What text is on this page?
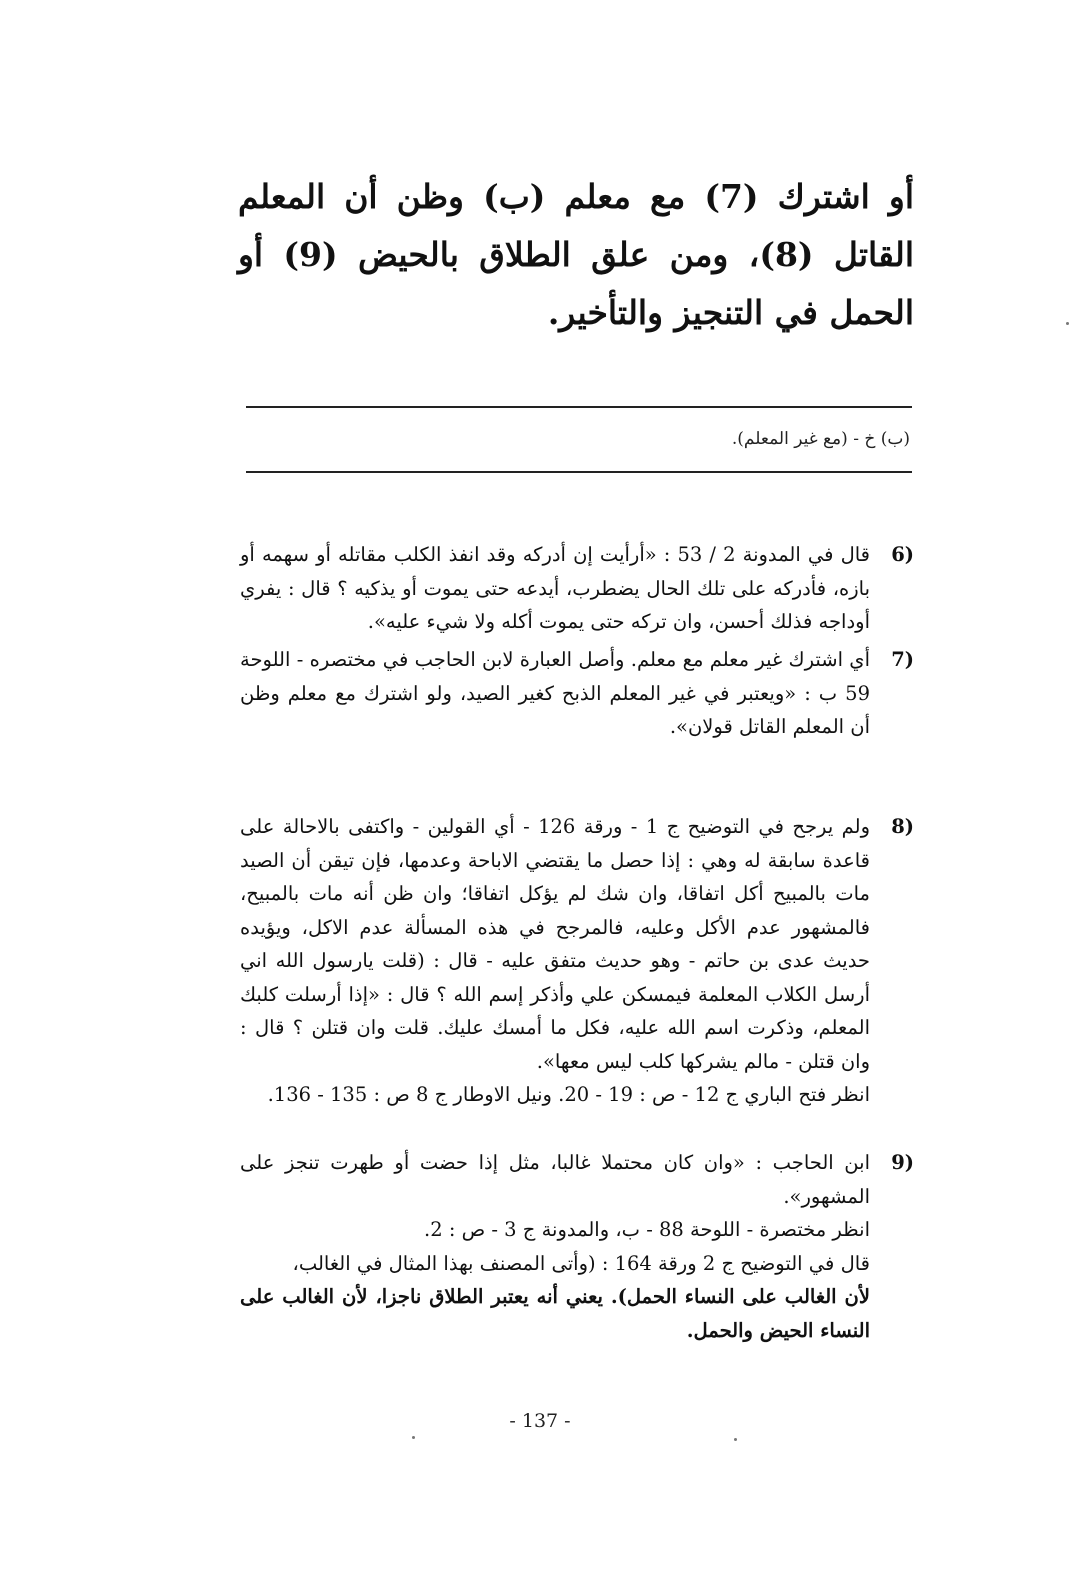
أو اشترك (7) مع معلم (ب) وظن أن المعلم القاتل (8)، ومن علق الطلاق بالحيض (9) أو الحمل في التنجيز والتأخير.
(ب) خ - (مع غير المعلم).
(6

قال في المدونة 2 / 53 : «أرأيت إن أدركه وقد انفذ الكلب مقاتله أو سهمه أو بازه، فأدركه على تلك الحال يضطرب، أيدعه حتى يموت أو يذكيه ؟ قال : يفري أوداجه فذلك أحسن، وان تركه حتى يموت أكله ولا شيء عليه».

(7

أي اشترك غير معلم مع معلم. وأصل العبارة لابن الحاجب في مختصره - اللوحة 59 ب : «ويعتبر في غير المعلم الذبح كغير الصيد، ولو اشترك مع معلم وظن أن المعلم القاتل قولان».

(8

ولم يرجح في التوضيح ج 1 - ورقة 126 - أي القولين - واكتفى بالاحالة على قاعدة سابقة له وهي : إذا حصل ما يقتضي الاباحة وعدمها، فإن تيقن أن الصيد مات بالمبيح أكل اتفاقا، وان شك لم يؤكل اتفاقا؛ وان ظن أنه مات بالمبيح، فالمشهور عدم الأكل وعليه، فالمرجح في هذه المسألة عدم الاكل، ويؤيده حديث عدى بن حاتم - وهو حديث متفق عليه - قال : (قلت يارسول الله اني أرسل الكلاب المعلمة فيمسكن علي وأذكر إسم الله ؟ قال : «إذا أرسلت كلبك المعلم، وذكرت اسم الله عليه، فكل ما أمسك عليك. قلت وان قتلن ؟ قال : وان قتلن - مالم يشركها كلب ليس معها».

انظر فتح الباري ج 12 - ص : 19 - 20. ونيل الاوطار ج 8 ص : 135 - 136.

(9

ابن الحاجب : «وان كان محتملا غالبا، مثل إذا حضت أو طهرت تنجز على المشهور».

انظر مختصرة - اللوحة 88 - ب، والمدونة ج 3 - ص : 2.

قال في التوضيح ج 2 ورقة 164 : (وأتى المصنف بهذا المثال في الغالب،

لأن الغالب على النساء الحمل). يعني أنه يعتبر الطلاق ناجزا، لأن الغالب على النساء الحيض والحمل.

- 137 -
